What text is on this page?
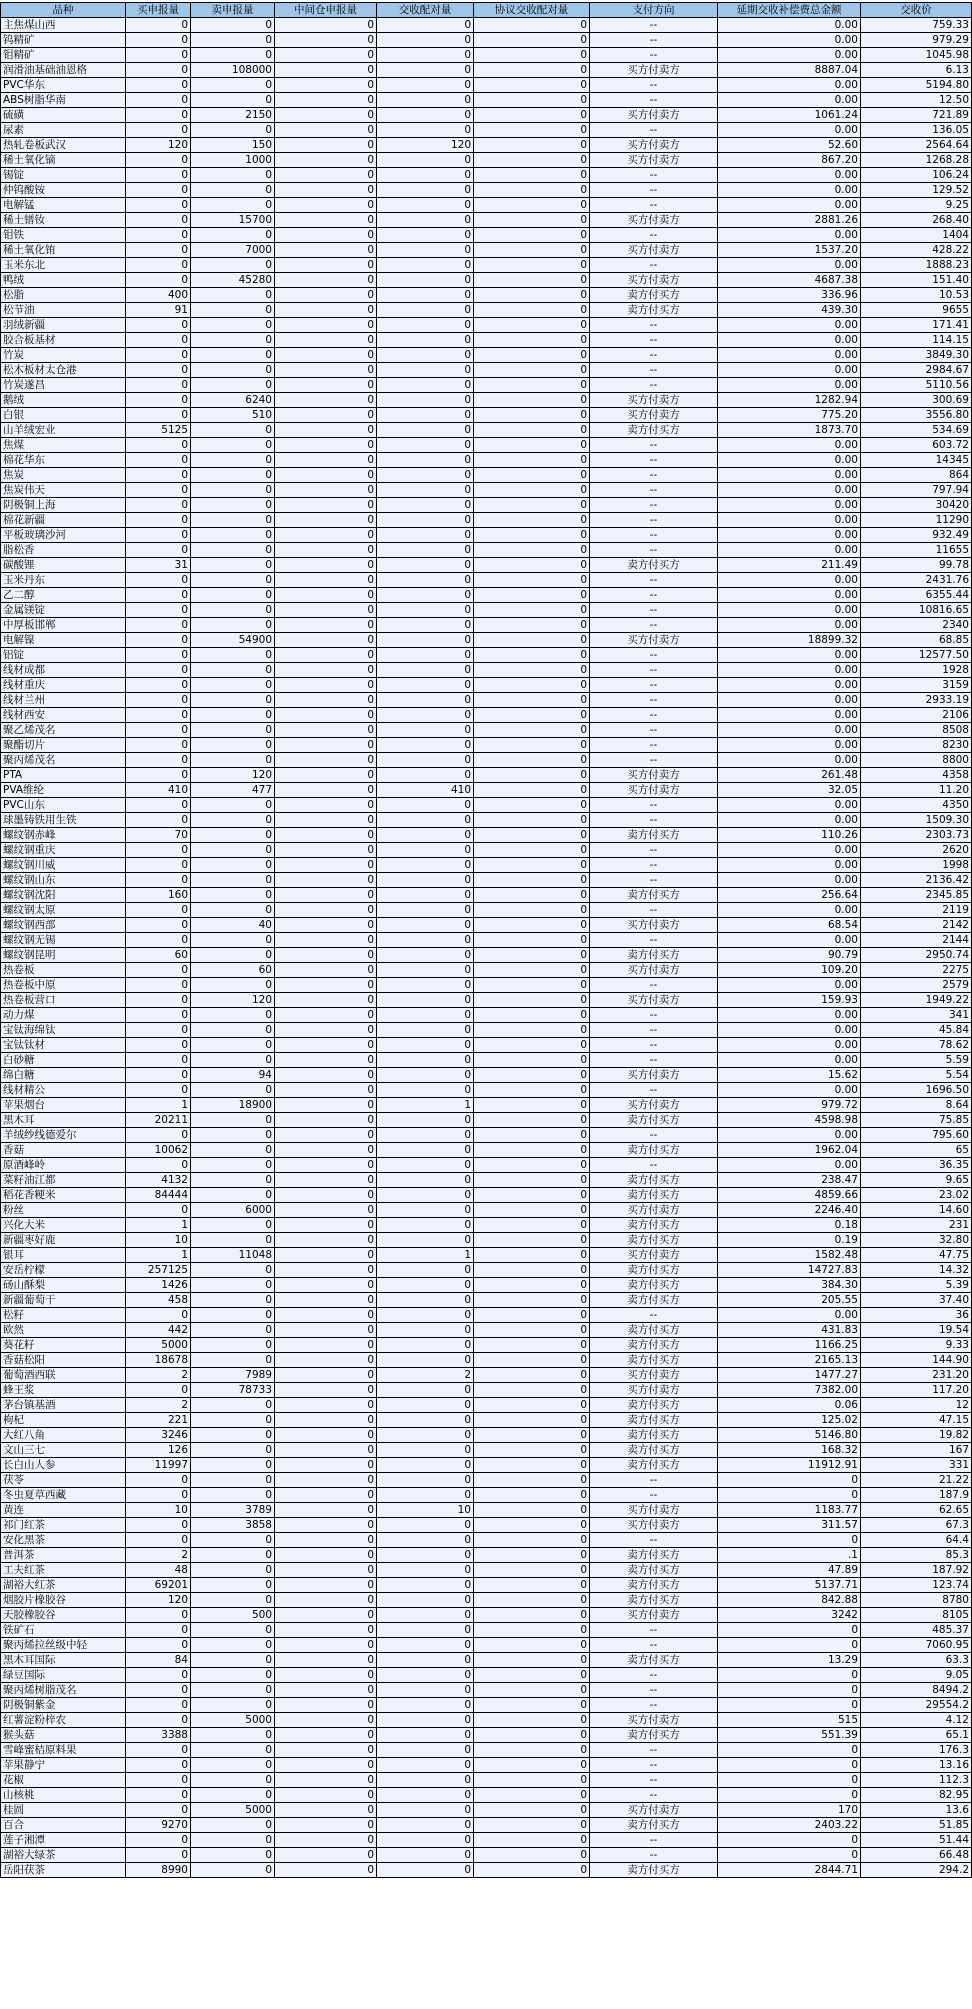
品种	买申报量	卖申报量	中间仓申报量	交收配对量	协议交收配对量	支付方向	延期交收补偿费总金额	交收价
主焦煤山西	0	0	0	0	0	--	0.00	759.33
钨精矿	0	0	0	0	0	--	0.00	979.29
钼精矿	0	0	0	0	0	--	0.00	1045.98
润滑油基础油恩格	0	108000	0	0	0	买方付卖方	8887.04	6.13
PVC华东	0	0	0	0	0	--	0.00	5194.80
ABS树脂华南	0	0	0	0	0	--	0.00	12.50
硫磺	0	2150	0	0	0	买方付卖方	1061.24	721.89
尿素	0	0	0	0	0	--	0.00	136.05
热轧卷板武汉	120	150	0	120	0	买方付卖方	52.60	2564.64
稀土氧化镝	0	1000	0	0	0	买方付卖方	867.20	1268.28
锡锭	0	0	0	0	0	--	0.00	106.24
仲钨酸铵	0	0	0	0	0	--	0.00	129.52
电解锰	0	0	0	0	0	--	0.00	9.25
稀土镨钕	0	15700	0	0	0	买方付卖方	2881.26	268.40
钼铁	0	0	0	0	0	--	0.00	1404
稀土氧化铕	0	7000	0	0	0	买方付卖方	1537.20	428.22
玉米东北	0	0	0	0	0	--	0.00	1888.23
鸭绒	0	45280	0	0	0	买方付卖方	4687.38	151.40
松脂	400	0	0	0	0	卖方付买方	336.96	10.53
松节油	91	0	0	0	0	卖方付买方	439.30	9655
羽绒新疆	0	0	0	0	0	--	0.00	171.41
胶合板基材	0	0	0	0	0	--	0.00	114.15
竹炭	0	0	0	0	0	--	0.00	3849.30
松木板材太仓港	0	0	0	0	0	--	0.00	2984.67
竹炭遂昌	0	0	0	0	0	--	0.00	5110.56
鹅绒	0	6240	0	0	0	买方付卖方	1282.94	300.69
白银	0	510	0	0	0	买方付卖方	775.20	3556.80
山羊绒宏业	5125	0	0	0	0	卖方付买方	1873.70	534.69
焦煤	0	0	0	0	0	--	0.00	603.72
棉花华东	0	0	0	0	0	--	0.00	14345
焦炭	0	0	0	0	0	--	0.00	864
焦炭伟天	0	0	0	0	0	--	0.00	797.94
阴极铜上海	0	0	0	0	0	--	0.00	30420
棉花新疆	0	0	0	0	0	--	0.00	11290
平板玻璃沙河	0	0	0	0	0	--	0.00	932.49
脂松香	0	0	0	0	0	--	0.00	11655
碳酸锂	31	0	0	0	0	卖方付买方	211.49	99.78
玉米丹东	0	0	0	0	0	--	0.00	2431.76
乙二醇	0	0	0	0	0	--	0.00	6355.44
金属镁锭	0	0	0	0	0	--	0.00	10816.65
中厚板邯郸	0	0	0	0	0	--	0.00	2340
电解镍	0	54900	0	0	0	买方付卖方	18899.32	68.85
铝锭	0	0	0	0	0	--	0.00	12577.50
线材成都	0	0	0	0	0	--	0.00	1928
线材重庆	0	0	0	0	0	--	0.00	3159
线材兰州	0	0	0	0	0	--	0.00	2933.19
线材西安	0	0	0	0	0	--	0.00	2106
聚乙烯茂名	0	0	0	0	0	--	0.00	8508
聚酯切片	0	0	0	0	0	--	0.00	8230
聚丙烯茂名	0	0	0	0	0	--	0.00	8800
PTA	0	120	0	0	0	买方付卖方	261.48	4358
PVA维纶	410	477	0	410	0	买方付卖方	32.05	11.20
PVC山东	0	0	0	0	0	--	0.00	4350
球墨铸铁用生铁	0	0	0	0	0	--	0.00	1509.30
螺纹钢赤峰	70	0	0	0	0	卖方付买方	110.26	2303.73
螺纹钢重庆	0	0	0	0	0	--	0.00	2620
螺纹钢川威	0	0	0	0	0	--	0.00	1998
螺纹钢山东	0	0	0	0	0	--	0.00	2136.42
螺纹钢沈阳	160	0	0	0	0	卖方付买方	256.64	2345.85
螺纹钢太原	0	0	0	0	0	--	0.00	2119
螺纹钢西部	0	40	0	0	0	买方付卖方	68.54	2142
螺纹钢无锡	0	0	0	0	0	--	0.00	2144
螺纹钢昆明	60	0	0	0	0	卖方付买方	90.79	2950.74
热卷板	0	60	0	0	0	买方付卖方	109.20	2275
热卷板中原	0	0	0	0	0	--	0.00	2579
热卷板营口	0	120	0	0	0	买方付卖方	159.93	1949.22
动力煤	0	0	0	0	0	--	0.00	341
宝钛海绵钛	0	0	0	0	0	--	0.00	45.84
宝钛钛材	0	0	0	0	0	--	0.00	78.62
白砂糖	0	0	0	0	0	--	0.00	5.59
绵白糖	0	94	0	0	0	买方付卖方	15.62	5.54
线材精公	0	0	0	0	0	--	0.00	1696.50
苹果烟台	1	18900	0	1	0	买方付卖方	979.72	8.64
黑木耳	20211	0	0	0	0	卖方付买方	4598.98	75.85
羊绒纱线德爱尔	0	0	0	0	0	--	0.00	795.60
香菇	10062	0	0	0	0	卖方付买方	1962.04	65
原酒峰岭	0	0	0	0	0	--	0.00	36.35
菜籽油江都	4132	0	0	0	0	卖方付买方	238.47	9.65
稻花香粳米	84444	0	0	0	0	卖方付买方	4859.66	23.02
粉丝	0	6000	0	0	0	买方付卖方	2246.40	14.60
兴化大米	1	0	0	0	0	卖方付买方	0.18	231
新疆枣好鹿	10	0	0	0	0	卖方付买方	0.19	32.80
银耳	1	11048	0	1	0	买方付卖方	1582.48	47.75
安岳柠檬	257125	0	0	0	0	卖方付买方	14727.83	14.32
砀山酥梨	1426	0	0	0	0	卖方付买方	384.30	5.39
新疆葡萄干	458	0	0	0	0	卖方付买方	205.55	37.40
松籽	0	0	0	0	0	--	0.00	36
欧然	442	0	0	0	0	卖方付买方	431.83	19.54
葵花籽	5000	0	0	0	0	卖方付买方	1166.25	9.33
香菇松阳	18678	0	0	0	0	卖方付买方	2165.13	144.90
葡萄酒西联	2	7989	0	2	0	买方付卖方	1477.27	231.20
蜂王浆	0	78733	0	0	0	买方付卖方	7382.00	117.20
茅台镇基酒	2	0	0	0	0	卖方付买方	0.06	12
枸杞	221	0	0	0	0	卖方付买方	125.02	47.15
大红八角	3246	0	0	0	0	卖方付买方	5146.80	19.82
文山三七	126	0	0	0	0	卖方付买方	168.32	167
长白山人参	11997	0	0	0	0	卖方付买方	11912.91	331
茯苓	0	0	0	0	0	--	0	21.22
冬虫夏草西藏	0	0	0	0	0	--	0	187.9
黄连	10	3789	0	10	0	买方付卖方	1183.77	62.65
祁门红茶	0	3858	0	0	0	买方付卖方	311.57	67.3
安化黑茶	0	0	0	0	0	--	0	64.4
普洱茶	2	0	0	0	0	卖方付买方	.1	85.3
工夫红茶	48	0	0	0	0	卖方付买方	47.89	187.92
湖裕大红茶	69201	0	0	0	0	卖方付买方	5137.71	123.74
烟胶片橡胶谷	120	0	0	0	0	卖方付买方	842.88	8780
天胶橡胶谷	0	500	0	0	0	买方付卖方	3242	8105
铁矿石	0	0	0	0	0	--	0	485.37
聚丙烯拉丝级中轻	0	0	0	0	0	--	0	7060.95
黑木耳国际	84	0	0	0	0	卖方付买方	13.29	63.3
绿豆国际	0	0	0	0	0	--	0	9.05
聚丙烯树脂茂名	0	0	0	0	0	--	0	8494.2
阴极铜紫金	0	0	0	0	0	--	0	29554.2
红薯淀粉梓农	0	5000	0	0	0	买方付卖方	515	4.12
猴头菇	3388	0	0	0	0	卖方付买方	551.39	65.1
雪峰蜜桔原料果	0	0	0	0	0	--	0	176.3
苹果静宁	0	0	0	0	0	--	0	13.16
花椒	0	0	0	0	0	--	0	112.3
山核桃	0	0	0	0	0	--	0	82.95
桂圆	0	5000	0	0	0	买方付卖方	170	13.6
百合	9270	0	0	0	0	卖方付买方	2403.22	51.85
莲子湘潭	0	0	0	0	0	--	0	51.44
湖裕大绿茶	0	0	0	0	0	--	0	66.48
岳阳茯茶	8990	0	0	0	0	卖方付买方	2844.71	294.2
